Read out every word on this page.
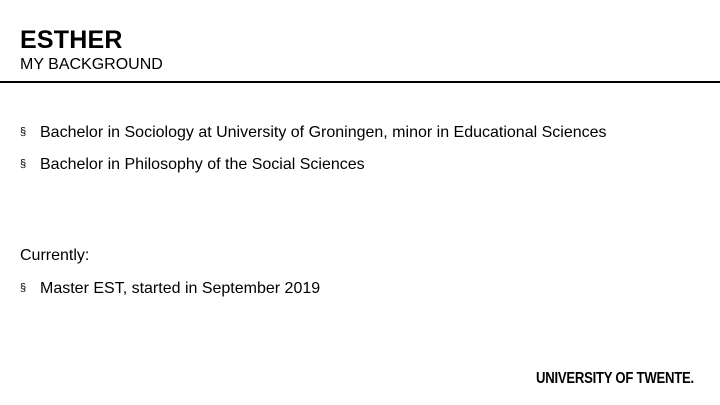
ESTHER
MY BACKGROUND
§ Bachelor in Sociology at University of Groningen, minor in Educational Sciences
§ Bachelor in Philosophy of the Social Sciences
Currently:
§ Master EST, started in September 2019
UNIVERSITY OF TWENTE.
